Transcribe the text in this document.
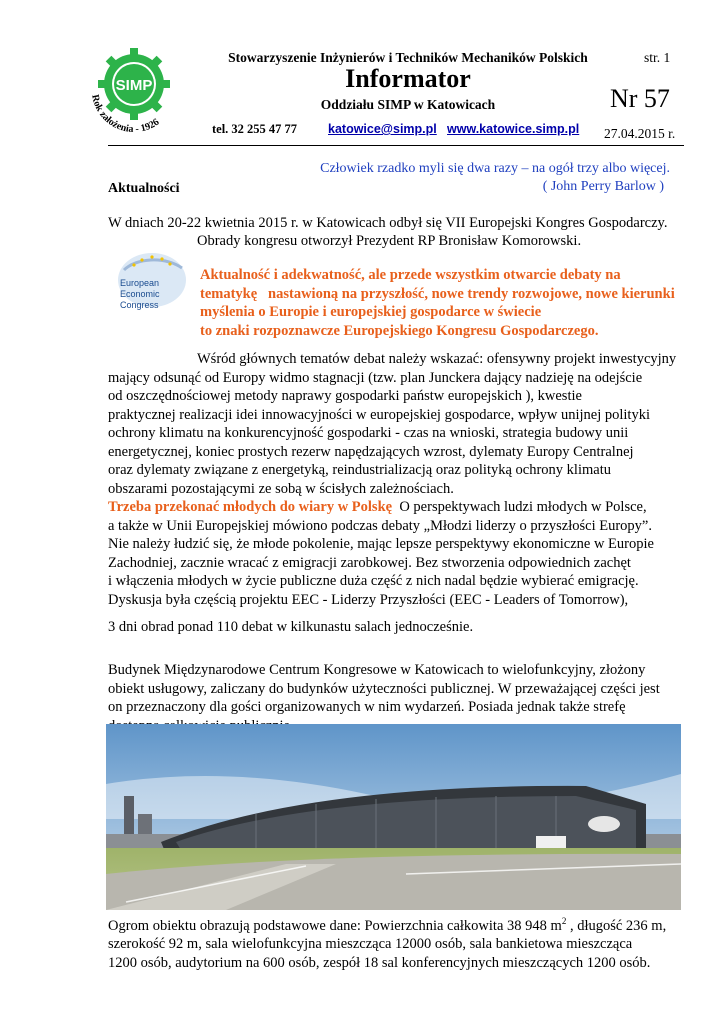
SIMP
Rok założenia - 1926
Stowarzyszenie Inżynierów i Techników Mechaników Polskich	str. 1
Informator
Nr 57
Oddziału SIMP w Katowicach
tel. 32 255 47 77 katowice@simp.pl www.katowice.simp.pl 27.04.2015 r.
Człowiek rzadko myli się dwa razy – na ogół trzy albo więcej.
( John Perry Barlow )
Aktualności
W dniach 20-22 kwietnia 2015 r. w Katowicach odbył się VII Europejski Kongres Gospodarczy.
Obrady kongresu otworzył Prezydent RP Bronisław Komorowski.
European
Economic
Congress
Aktualność i adekwatność, ale przede wszystkim otwarcie debaty na
tematykę   nastawioną na przyszłość, nowe trendy rozwojowe, nowe kierunki
myślenia o Europie i europejskiej gospodarce w świecie
to znaki rozpoznawcze Europejskiego Kongresu Gospodarczego.
Wśród głównych tematów debat należy wskazać: ofensywny projekt inwestycyjny
mający odsunąć od Europy widmo stagnacji (tzw. plan Junckera dający nadzieję na odejście
od oszczędnościowej metody naprawy gospodarki państw europejskich ), kwestie
praktycznej realizacji idei innowacyjności w europejskiej gospodarce, wpływ unijnej polityki
ochrony klimatu na konkurencyjność gospodarki - czas na wnioski, strategia budowy unii
energetycznej, koniec prostych rezerw napędzających wzrost, dylematy Europy Centralnej
oraz dylematy związane z energetyką, reindustrializacją oraz polityką ochrony klimatu
obszarami pozostającymi ze sobą w ścisłych zależnościach.
Trzeba przekonać młodych do wiary w Polskę  O perspektywach ludzi młodych w Polsce,
a także w Unii Europejskiej mówiono podczas debaty „Młodzi liderzy o przyszłości Europy”.
Nie należy łudzić się, że młode pokolenie, mając lepsze perspektywy ekonomiczne w Europie
Zachodniej, zacznie wracać z emigracji zarobkowej. Bez stworzenia odpowiednich zachęt
i włączenia młodych w życie publiczne duża część z nich nadal będzie wybierać emigrację.
Dyskusja była częścią projektu EEC - Liderzy Przyszłości (EEC - Leaders of Tomorrow),
3 dni obrad ponad 110 debat w kilkunastu salach jednocześnie.
Budynek Międzynarodowe Centrum Kongresowe w Katowicach to wielofunkcyjny, złożony
obiekt usługowy, zaliczany do budynków użyteczności publicznej. W przeważającej części jest
on przeznaczony dla gości organizowanych w nim wydarzeń. Posiada jednak także strefę
Ogrom obiektu obrazują podstawowe dane: Powierzchnia całkowita 38 948 $m^2$ , długość 236 m,
szerokość 92 m, sala wielofunkcyjna mieszcząca 12000 osób, sala bankietowa mieszcząca
1200 osób, audytorium na 600 osób, zespół 18 sal konferencyjnych mieszczących 1200 osób.
